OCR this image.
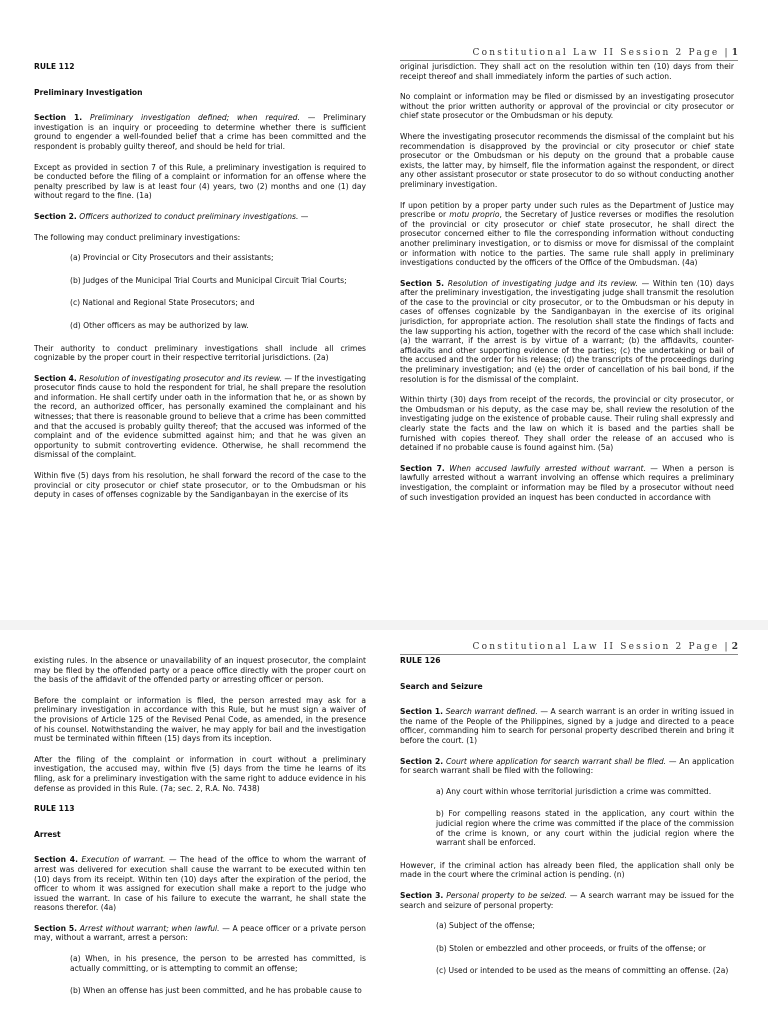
Constitutional Law II Session 2 Page | 1

RULE 112

Preliminary Investigation

Section 1. Preliminary investigation defined; when required. — Preliminary investigation is an inquiry or proceeding to determine whether there is sufficient ground to engender a well-founded belief that a crime has been committed and the respondent is probably guilty thereof, and should be held for trial.

Except as provided in section 7 of this Rule, a preliminary investigation is required to be conducted before the filing of a complaint or information for an offense where the penalty prescribed by law is at least four (4) years, two (2) months and one (1) day without regard to the fine. (1a)

Section 2. Officers authorized to conduct preliminary investigations. —

The following may conduct preliminary investigations:

(a) Provincial or City Prosecutors and their assistants;

(b) Judges of the Municipal Trial Courts and Municipal Circuit Trial Courts;

(c) National and Regional State Prosecutors; and

(d) Other officers as may be authorized by law.

Their authority to conduct preliminary investigations shall include all crimes cognizable by the proper court in their respective territorial jurisdictions. (2a)

Section 4. Resolution of investigating prosecutor and its review. — If the investigating prosecutor finds cause to hold the respondent for trial, he shall prepare the resolution and information. He shall certify under oath in the information that he, or as shown by the record, an authorized officer, has personally examined the complainant and his witnesses; that there is reasonable ground to believe that a crime has been committed and that the accused is probably guilty thereof; that the accused was informed of the complaint and of the evidence submitted against him; and that he was given an opportunity to submit controverting evidence. Otherwise, he shall recommend the dismissal of the complaint.

Within five (5) days from his resolution, he shall forward the record of the case to the provincial or city prosecutor or chief state prosecutor, or to the Ombudsman or his deputy in cases of offenses cognizable by the Sandiganbayan in the exercise of its

original jurisdiction. They shall act on the resolution within ten (10) days from their receipt thereof and shall immediately inform the parties of such action.

No complaint or information may be filed or dismissed by an investigating prosecutor without the prior written authority or approval of the provincial or city prosecutor or chief state prosecutor or the Ombudsman or his deputy.

Where the investigating prosecutor recommends the dismissal of the complaint but his recommendation is disapproved by the provincial or city prosecutor or chief state prosecutor or the Ombudsman or his deputy on the ground that a probable cause exists, the latter may, by himself, file the information against the respondent, or direct any other assistant prosecutor or state prosecutor to do so without conducting another preliminary investigation.

If upon petition by a proper party under such rules as the Department of Justice may prescribe or motu proprio, the Secretary of Justice reverses or modifies the resolution of the provincial or city prosecutor or chief state prosecutor, he shall direct the prosecutor concerned either to file the corresponding information without conducting another preliminary investigation, or to dismiss or move for dismissal of the complaint or information with notice to the parties. The same rule shall apply in preliminary investigations conducted by the officers of the Office of the Ombudsman. (4a)

Section 5. Resolution of investigating judge and its review. — Within ten (10) days after the preliminary investigation, the investigating judge shall transmit the resolution of the case to the provincial or city prosecutor, or to the Ombudsman or his deputy in cases of offenses cognizable by the Sandiganbayan in the exercise of its original jurisdiction, for appropriate action. The resolution shall state the findings of facts and the law supporting his action, together with the record of the case which shall include: (a) the warrant, if the arrest is by virtue of a warrant; (b) the affidavits, counter-affidavits and other supporting evidence of the parties; (c) the undertaking or bail of the accused and the order for his release; (d) the transcripts of the proceedings during the preliminary investigation; and (e) the order of cancellation of his bail bond, if the resolution is for the dismissal of the complaint.

Within thirty (30) days from receipt of the records, the provincial or city prosecutor, or the Ombudsman or his deputy, as the case may be, shall review the resolution of the investigating judge on the existence of probable cause. Their ruling shall expressly and clearly state the facts and the law on which it is based and the parties shall be furnished with copies thereof. They shall order the release of an accused who is detained if no probable cause is found against him. (5a)

Section 7. When accused lawfully arrested without warrant. — When a person is lawfully arrested without a warrant involving an offense which requires a preliminary investigation, the complaint or information may be filed by a prosecutor without need of such investigation provided an inquest has been conducted in accordance with

Constitutional Law II Session 2 Page | 2

existing rules. In the absence or unavailability of an inquest prosecutor, the complaint may be filed by the offended party or a peace office directly with the proper court on the basis of the affidavit of the offended party or arresting officer or person.

Before the complaint or information is filed, the person arrested may ask for a preliminary investigation in accordance with this Rule, but he must sign a waiver of the provisions of Article 125 of the Revised Penal Code, as amended, in the presence of his counsel. Notwithstanding the waiver, he may apply for bail and the investigation must be terminated within fifteen (15) days from its inception.

After the filing of the complaint or information in court without a preliminary investigation, the accused may, within five (5) days from the time he learns of its filing, ask for a preliminary investigation with the same right to adduce evidence in his defense as provided in this Rule. (7a; sec. 2, R.A. No. 7438)

RULE 113

Arrest

Section 4. Execution of warrant. — The head of the office to whom the warrant of arrest was delivered for execution shall cause the warrant to be executed within ten (10) days from its receipt. Within ten (10) days after the expiration of the period, the officer to whom it was assigned for execution shall make a report to the judge who issued the warrant. In case of his failure to execute the warrant, he shall state the reasons therefor. (4a)

Section 5. Arrest without warrant; when lawful. — A peace officer or a private person may, without a warrant, arrest a person:

(a) When, in his presence, the person to be arrested has committed, is actually committing, or is attempting to commit an offense;

(b) When an offense has just been committed, and he has probable cause to

RULE 126

Search and Seizure

Section 1. Search warrant defined. — A search warrant is an order in writing issued in the name of the People of the Philippines, signed by a judge and directed to a peace officer, commanding him to search for personal property described therein and bring it before the court. (1)

Section 2. Court where application for search warrant shall be filed. — An application for search warrant shall be filed with the following:

a) Any court within whose territorial jurisdiction a crime was committed.

b) For compelling reasons stated in the application, any court within the judicial region where the crime was committed if the place of the commission of the crime is known, or any court within the judicial region where the warrant shall be enforced.

However, if the criminal action has already been filed, the application shall only be made in the court where the criminal action is pending. (n)

Section 3. Personal property to be seized. — A search warrant may be issued for the search and seizure of personal property:

(a) Subject of the offense;

(b) Stolen or embezzled and other proceeds, or fruits of the offense; or

(c) Used or intended to be used as the means of committing an offense. (2a)
